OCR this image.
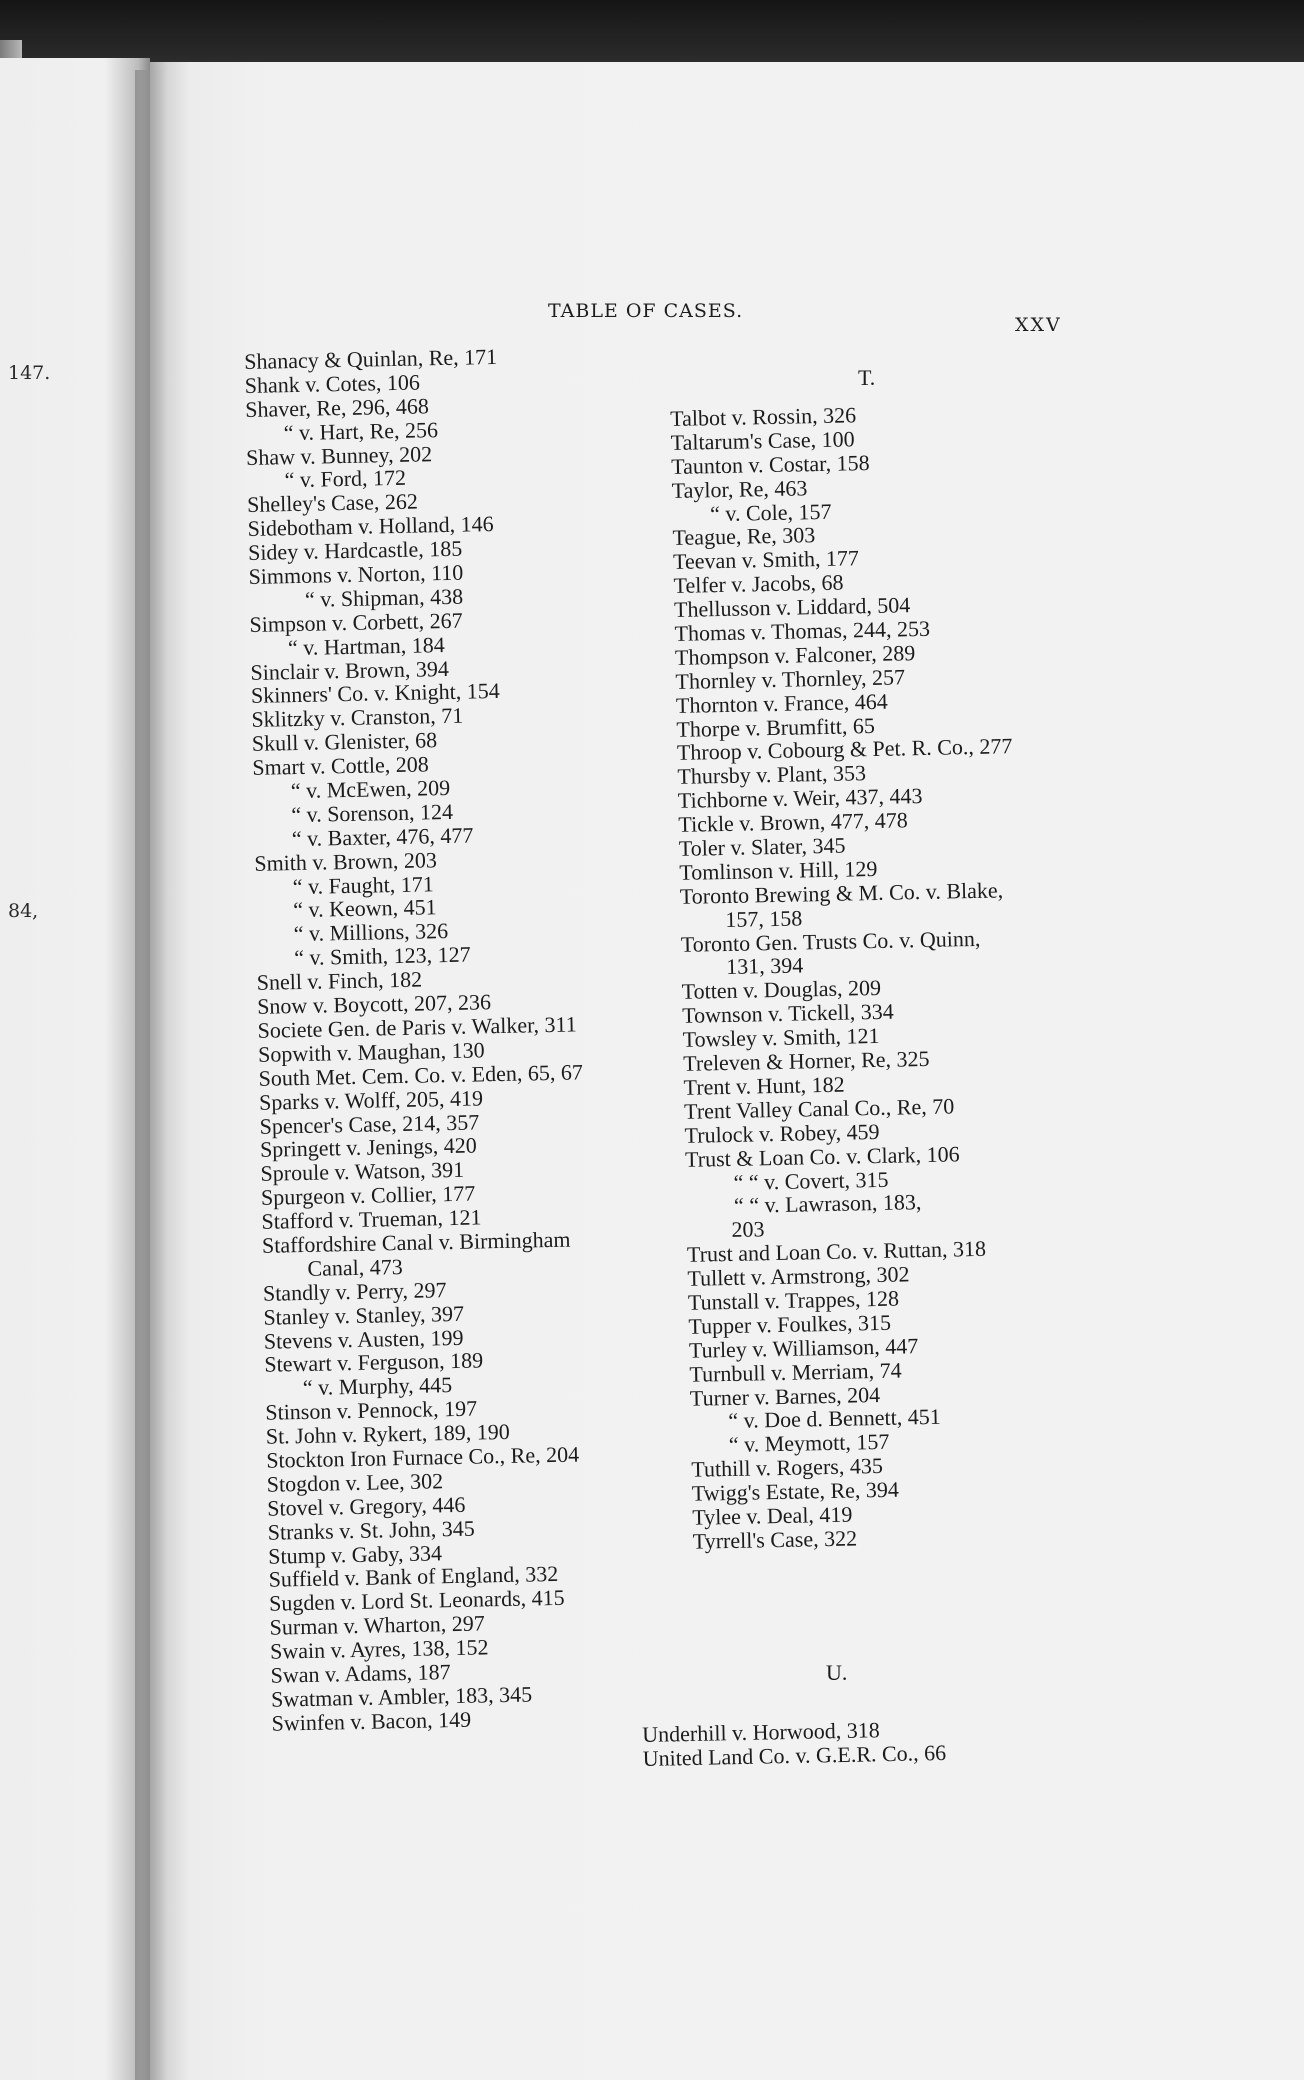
147.
84,
TABLE OF CASES.
XXV
Shanacy & Quinlan, Re, 171
Shank v. Cotes, 106
Shaver, Re, 296, 468
“ v. Hart, Re, 256
Shaw v. Bunney, 202
“ v. Ford, 172
Shelley's Case, 262
Sidebotham v. Holland, 146
Sidey v. Hardcastle, 185
Simmons v. Norton, 110
“ v. Shipman, 438
Simpson v. Corbett, 267
“ v. Hartman, 184
Sinclair v. Brown, 394
Skinners' Co. v. Knight, 154
Sklitzky v. Cranston, 71
Skull v. Glenister, 68
Smart v. Cottle, 208
“ v. McEwen, 209
“ v. Sorenson, 124
“ v. Baxter, 476, 477
Smith v. Brown, 203
“ v. Faught, 171
“ v. Keown, 451
“ v. Millions, 326
“ v. Smith, 123, 127
Snell v. Finch, 182
Snow v. Boycott, 207, 236
Societe Gen. de Paris v. Walker, 311
Sopwith v. Maughan, 130
South Met. Cem. Co. v. Eden, 65, 67
Sparks v. Wolff, 205, 419
Spencer's Case, 214, 357
Springett v. Jenings, 420
Sproule v. Watson, 391
Spurgeon v. Collier, 177
Stafford v. Trueman, 121
Staffordshire Canal v. Birmingham
Canal, 473
Standly v. Perry, 297
Stanley v. Stanley, 397
Stevens v. Austen, 199
Stewart v. Ferguson, 189
“ v. Murphy, 445
Stinson v. Pennock, 197
St. John v. Rykert, 189, 190
Stockton Iron Furnace Co., Re, 204
Stogdon v. Lee, 302
Stovel v. Gregory, 446
Stranks v. St. John, 345
Stump v. Gaby, 334
Suffield v. Bank of England, 332
Sugden v. Lord St. Leonards, 415
Surman v. Wharton, 297
Swain v. Ayres, 138, 152
Swan v. Adams, 187
Swatman v. Ambler, 183, 345
Swinfen v. Bacon, 149
T.
Talbot v. Rossin, 326
Taltarum's Case, 100
Taunton v. Costar, 158
Taylor, Re, 463
“ v. Cole, 157
Teague, Re, 303
Teevan v. Smith, 177
Telfer v. Jacobs, 68
Thellusson v. Liddard, 504
Thomas v. Thomas, 244, 253
Thompson v. Falconer, 289
Thornley v. Thornley, 257
Thornton v. France, 464
Thorpe v. Brumfitt, 65
Throop v. Cobourg & Pet. R. Co., 277
Thursby v. Plant, 353
Tichborne v. Weir, 437, 443
Tickle v. Brown, 477, 478
Toler v. Slater, 345
Tomlinson v. Hill, 129
Toronto Brewing & M. Co. v. Blake,
157, 158
Toronto Gen. Trusts Co. v. Quinn,
131, 394
Totten v. Douglas, 209
Townson v. Tickell, 334
Towsley v. Smith, 121
Treleven & Horner, Re, 325
Trent v. Hunt, 182
Trent Valley Canal Co., Re, 70
Trulock v. Robey, 459
Trust & Loan Co. v. Clark, 106
“ “ v. Covert, 315
“ “ v. Lawrason, 183,
203
Trust and Loan Co. v. Ruttan, 318
Tullett v. Armstrong, 302
Tunstall v. Trappes, 128
Tupper v. Foulkes, 315
Turley v. Williamson, 447
Turnbull v. Merriam, 74
Turner v. Barnes, 204
“ v. Doe d. Bennett, 451
“ v. Meymott, 157
Tuthill v. Rogers, 435
Twigg's Estate, Re, 394
Tylee v. Deal, 419
Tyrrell's Case, 322
U.
Underhill v. Horwood, 318
United Land Co. v. G.E.R. Co., 66
